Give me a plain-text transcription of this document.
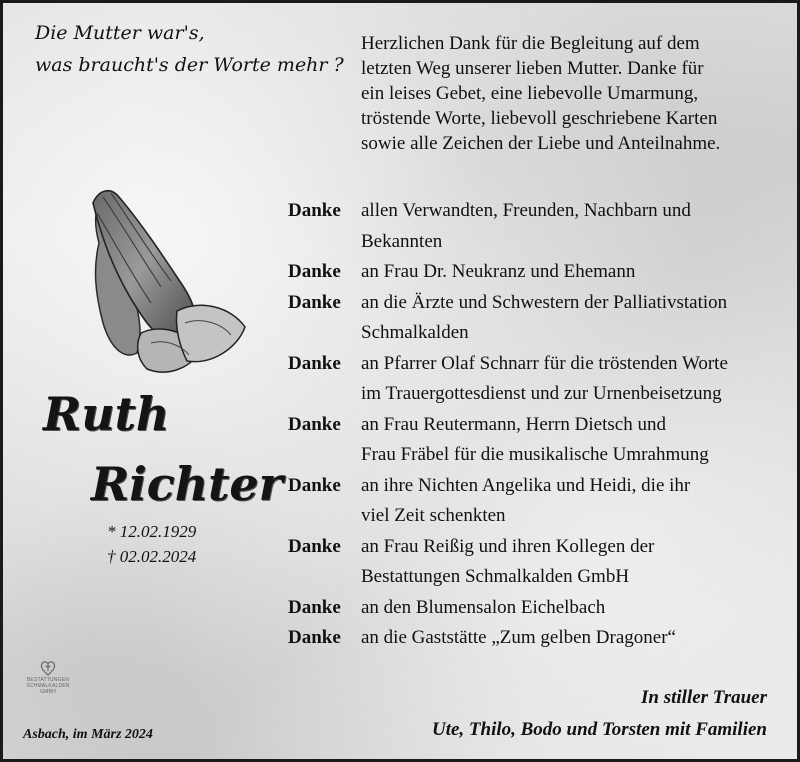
Die Mutter war's,
was braucht's der Worte mehr ?
Herzlichen Dank für die Begleitung auf dem
letzten Weg unserer lieben Mutter. Danke für
ein leises Gebet, eine liebevolle Umarmung,
tröstende Worte, liebevoll geschriebene Karten
sowie alle Zeichen der Liebe und Anteilnahme.
Ruth
Richter
* 12.02.1929
† 02.02.2024
Danke	allen Verwandten, Freunden, Nachbarn und
Bekannten
Danke	an Frau Dr. Neukranz und Ehemann
Danke	an die Ärzte und Schwestern der Palliativstation
Schmalkalden
Danke	an Pfarrer Olaf Schnarr für die tröstenden Worte
im Trauergottesdienst und zur Urnenbeisetzung
Danke	an Frau Reutermann, Herrn Dietsch und
Frau Fräbel für die musikalische Umrahmung
Danke	an ihre Nichten Angelika und Heidi, die ihr
viel Zeit schenkten
Danke	an Frau Reißig und ihren Kollegen der
Bestattungen Schmalkalden GmbH
Danke	an den Blumensalon Eichelbach
Danke	an die Gaststätte „Zum gelben Dragoner“
BESTATTUNGEN
SCHMALKALDEN
GMBH
Asbach, im März 2024
In stiller Trauer
Ute, Thilo, Bodo und Torsten mit Familien
